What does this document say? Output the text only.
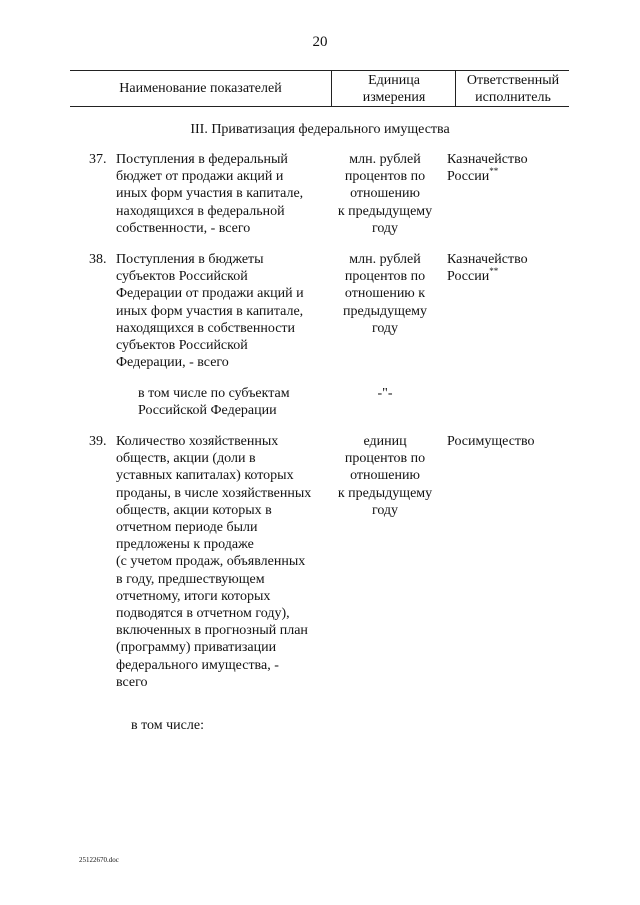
20
Наименование показателей
Единица
измерения
Ответственный
исполнитель
III. Приватизация федерального имущества
37. Поступления в федеральный
бюджет от продажи акций и
иных форм участия в капитале,
находящихся в федеральной
собственности, - всего
млн. рублей
процентов по
отношению
к предыдущему
году
Казначейство
России**
38. Поступления в бюджеты
субъектов Российской
Федерации от продажи акций и
иных форм участия в капитале,
находящихся в собственности
субъектов Российской
Федерации, - всего
млн. рублей
процентов по
отношению к
предыдущему
году
Казначейство
России**
в том числе по субъектам
Российской Федерации
-"-
39. Количество хозяйственных
обществ, акции (доли в
уставных капиталах) которых
проданы, в числе хозяйственных
обществ, акции которых в
отчетном периоде были
предложены к продаже
(с учетом продаж, объявленных
в году, предшествующем
отчетному, итоги которых
подводятся в отчетном году),
включенных в прогнозный план
(программу) приватизации
федерального имущества, -
всего
единиц
процентов по
отношению
к предыдущему
году
Росимущество
в том числе:
25122670.doc
